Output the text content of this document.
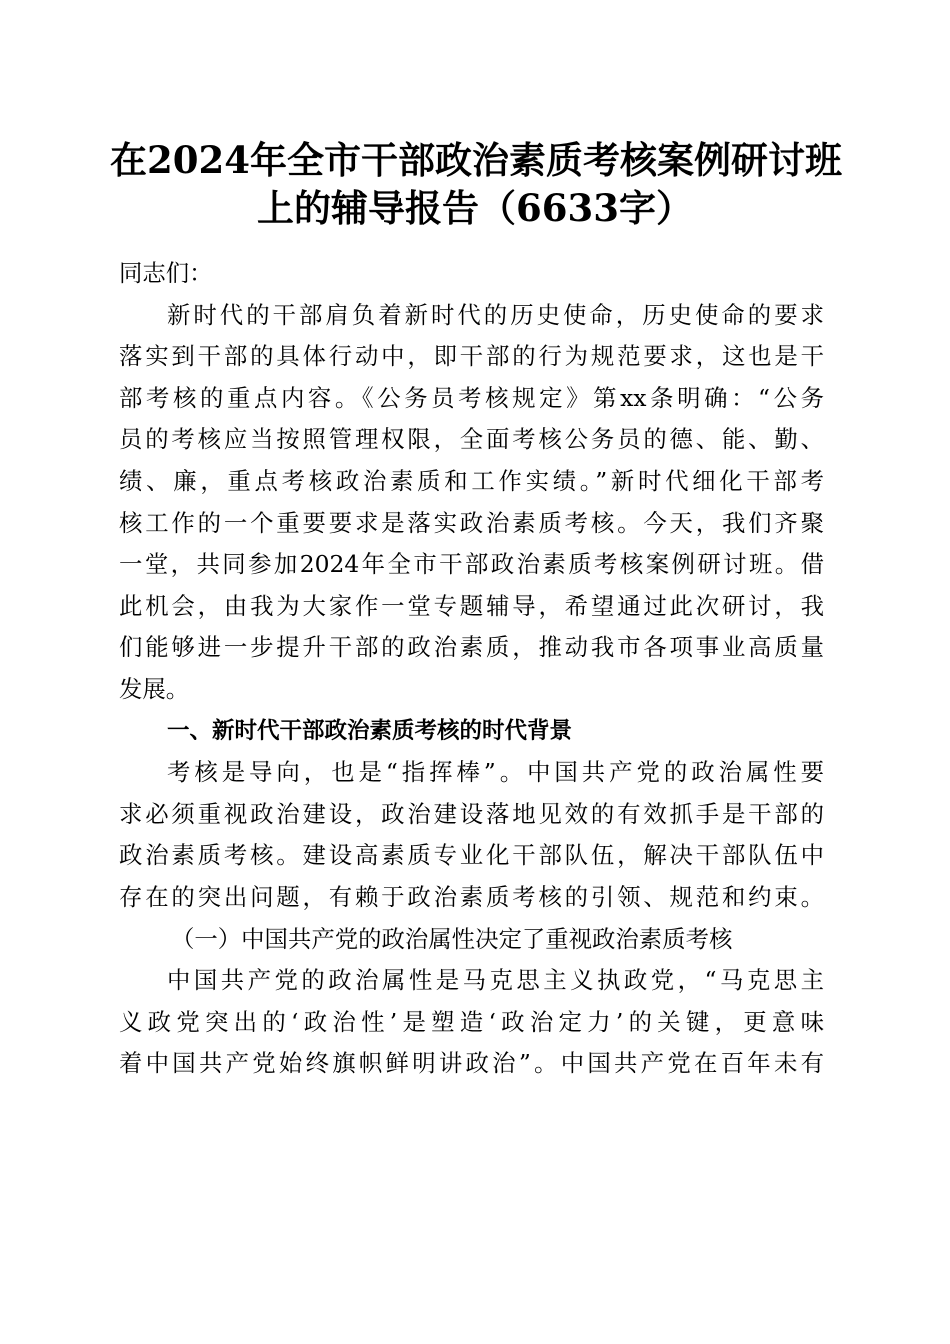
在2024年全市干部政治素质考核案例研讨班
上的辅导报告（6633字）
同志们：
新时代的干部肩负着新时代的历史使命，历史使命的要求
落实到干部的具体行动中，即干部的行为规范要求，这也是干
部考核的重点内容。《公务员考核规定》第xx条明确：“公务
员的考核应当按照管理权限，全面考核公务员的德、能、勤、
绩、廉，重点考核政治素质和工作实绩。”新时代细化干部考
核工作的一个重要要求是落实政治素质考核。今天，我们齐聚
一堂，共同参加2024年全市干部政治素质考核案例研讨班。借
此机会，由我为大家作一堂专题辅导，希望通过此次研讨，我
们能够进一步提升干部的政治素质，推动我市各项事业高质量
发展。
一、新时代干部政治素质考核的时代背景
考核是导向，也是“指挥棒”。中国共产党的政治属性要
求必须重视政治建设，政治建设落地见效的有效抓手是干部的
政治素质考核。建设高素质专业化干部队伍，解决干部队伍中
存在的突出问题，有赖于政治素质考核的引领、规范和约束。
（一）中国共产党的政治属性决定了重视政治素质考核
中国共产党的政治属性是马克思主义执政党，“马克思主
义政党突出的‘政治性’是塑造‘政治定力’的关键，更意味
着中国共产党始终旗帜鲜明讲政治”。中国共产党在百年未有
